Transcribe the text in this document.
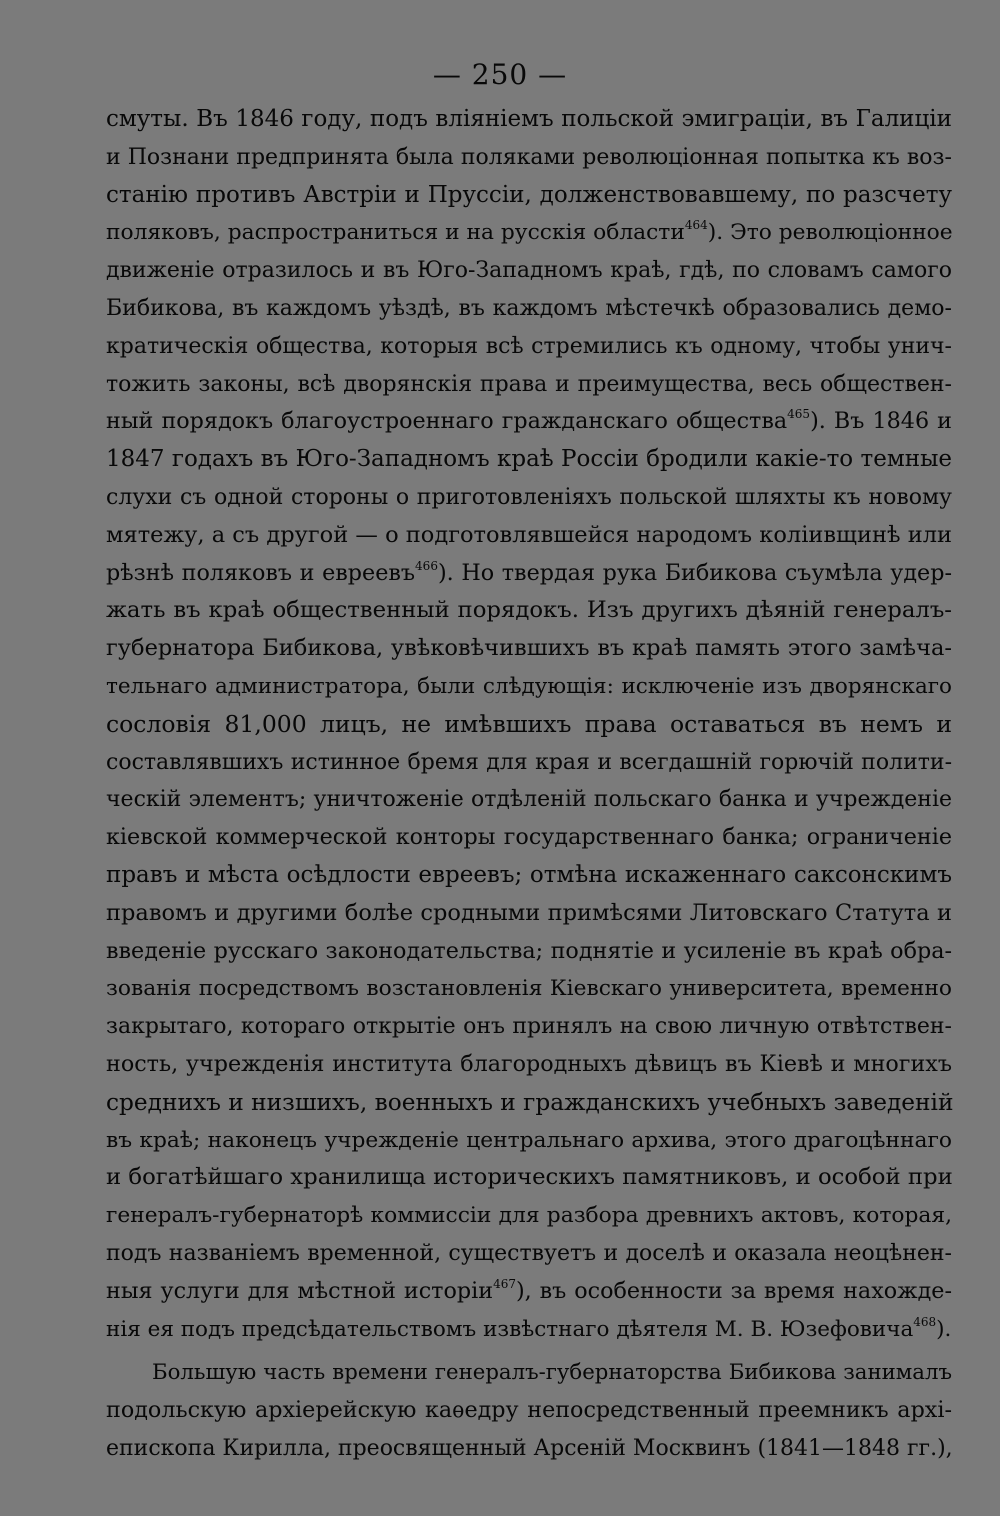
— 250 —
смуты. Въ 1846 году, подъ вліяніемъ польской эмиграціи, въ Галиціи
и Познани предпринята была поляками революціонная попытка къ воз-
станію противъ Австріи и Пруссіи, долженствовавшему, по разсчету
поляковъ, распространиться и на русскія области$^{464}$). Это революціонное
движеніе отразилось и въ Юго-Западномъ краѣ, гдѣ, по словамъ самого
Бибикова, въ каждомъ уѣздѣ, въ каждомъ мѣстечкѣ образовались демо-
кратическія общества, которыя всѣ стремились къ одному, чтобы унич-
тожить законы, всѣ дворянскія права и преимущества, весь обществен-
ный порядокъ благоустроеннаго гражданскаго общества$^{465}$). Въ 1846 и
1847 годахъ въ Юго-Западномъ краѣ Россіи бродили какіе-то темные
слухи съ одной стороны о приготовленіяхъ польской шляхты къ новому
мятежу, а съ другой — о подготовлявшейся народомъ коліивщинѣ или
рѣзнѣ поляковъ и евреевъ$^{466}$). Но твердая рука Бибикова съумѣла удер-
жать въ краѣ общественный порядокъ. Изъ другихъ дѣяній генералъ-
губернатора Бибикова, увѣковѣчившихъ въ краѣ память этого замѣча-
тельнаго администратора, были слѣдующія: исключеніе изъ дворянскаго
сословія 81,000 лицъ, не имѣвшихъ права оставаться въ немъ и
составлявшихъ истинное бремя для края и всегдашній горючій полити-
ческій элементъ; уничтоженіе отдѣленій польскаго банка и учрежденіе
кіевской коммерческой конторы государственнаго банка; ограниченіе
правъ и мѣста осѣдлости евреевъ; отмѣна искаженнаго саксонскимъ
правомъ и другими болѣе сродными примѣсями Литовскаго Статута и
введеніе русскаго законодательства; поднятіе и усиленіе въ краѣ обра-
зованія посредствомъ возстановленія Кіевскаго университета, временно
закрытаго, котораго открытіе онъ принялъ на свою личную отвѣтствен-
ность, учрежденія института благородныхъ дѣвицъ въ Кіевѣ и многихъ
среднихъ и низшихъ, военныхъ и гражданскихъ учебныхъ заведеній
въ краѣ; наконецъ учрежденіе центральнаго архива, этого драгоцѣннаго
и богатѣйшаго хранилища историческихъ памятниковъ, и особой при
генералъ-губернаторѣ коммиссіи для разбора древнихъ актовъ, которая,
подъ названіемъ временной, существуетъ и доселѣ и оказала неоцѣнен-
ныя услуги для мѣстной исторіи$^{467}$), въ особенности за время нахожде-
нія ея подъ предсѣдательствомъ извѣстнаго дѣятеля М. В. Юзефовича$^{468}$).
Большую часть времени генералъ-губернаторства Бибикова занималъ
подольскую архіерейскую каѳедру непосредственный преемникъ архі-
епископа Кирилла, преосвященный Арсеній Москвинъ (1841—1848 гг.),
